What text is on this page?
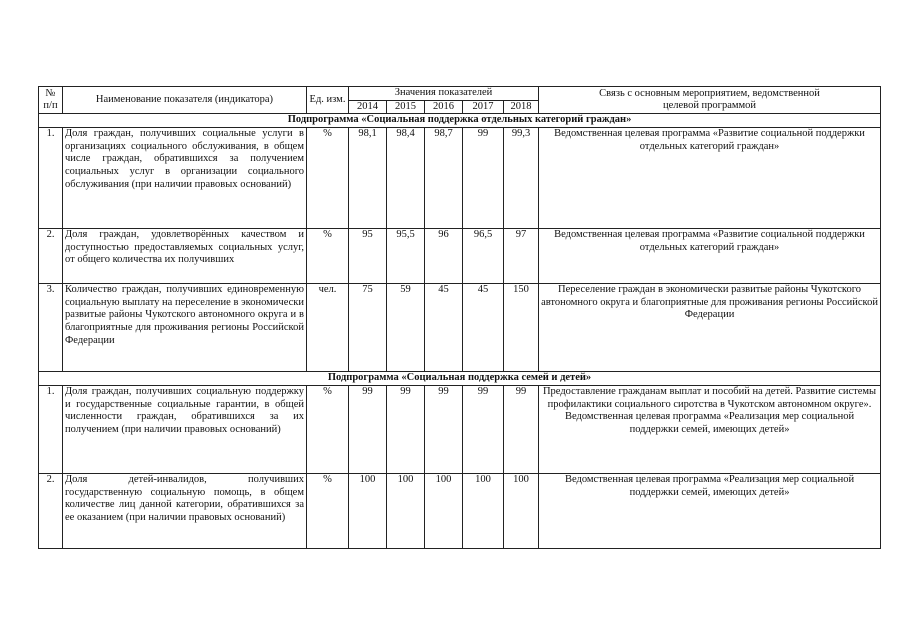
№ п/п	Наименование показателя (индикатора)	Ед. изм.	Значения показателей					Связь с основным мероприятием, ведомственной целевой программой
			2014	2015	2016	2017	2018	
Подпрограмма «Социальная поддержка отдельных категорий граждан»								
1.	Доля граждан, получивших социальные услуги в организациях социального обслуживания, в общем числе граждан, обратившихся за получением социальных услуг в организации социального обслуживания (при наличии правовых оснований)	%	98,1	98,4	98,7	99	99,3	Ведомственная целевая программа «Развитие социальной поддержки отдельных категорий граждан»
2.	Доля граждан, удовлетворённых качеством и доступностью предоставляемых социальных услуг, от общего количества их получивших	%	95	95,5	96	96,5	97	Ведомственная целевая программа «Развитие социальной поддержки отдельных категорий граждан»
3.	Количество граждан, получивших единовременную социальную выплату на переселение в экономически развитые районы Чукотского автономного округа и в благоприятные для проживания регионы Российской Федерации	чел.	75	59	45	45	150	Переселение граждан в экономически развитые районы Чукотского автономного округа и благоприятные для проживания регионы Российской Федерации
Подпрограмма «Социальная поддержка семей и детей»								
1.	Доля граждан, получивших социальную поддержку и государственные социальные гарантии, в общей численности граждан, обратившихся за их получением (при наличии правовых оснований)	%	99	99	99	99	99	Предоставление гражданам выплат и пособий на детей. Развитие системы профилактики социального сиротства в Чукотском автономном округе». Ведомственная целевая программа «Реализация мер социальной поддержки семей, имеющих детей»
2.	Доля детей-инвалидов, получивших государственную социальную помощь, в общем количестве лиц данной категории, обратившихся за ее оказанием (при наличии правовых оснований)	%	100	100	100	100	100	Ведомственная целевая программа «Реализация мер социальной поддержки семей, имеющих детей»
